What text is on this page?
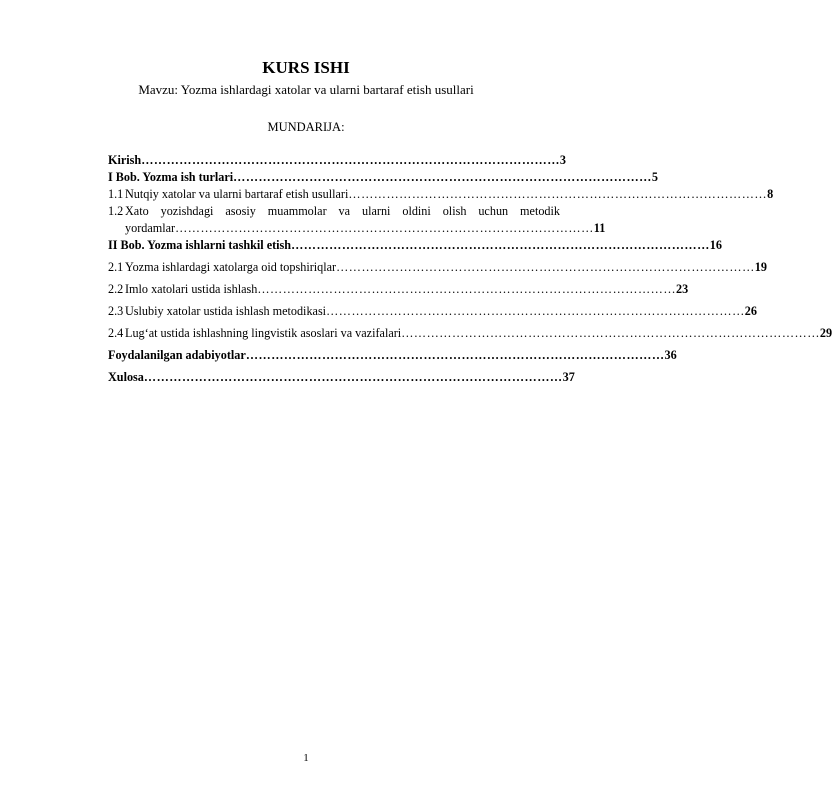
KURS ISHI
Mavzu: Yozma ishlardagi xatolar va ularni bartaraf etish usullari
MUNDARIJA:
Kirish ……………………………………………………………………………………… 3
I Bob. Yozma ish turlari ……………………………………………………………………………………… 5
1.1 Nutqiy xatolar va ularni bartaraf etish usullari ……………………………………………………………………………………… 8
1.2 Xato yozishdagi asosiy muammolar va ularni oldini olish uchun metodik
yordamlar ……………………………………………………………………………………… 11
II Bob. Yozma ishlarni tashkil etish ……………………………………………………………………………………… 16
2.1 Yozma ishlardagi xatolarga oid topshiriqlar ……………………………………………………………………………………… 19
2.2 Imlo xatolari ustida ishlash ……………………………………………………………………………………… 23
2.3 Uslubiy xatolar ustida ishlash metodikasi ……………………………………………………………………………………… 26
2.4 Lug‘at ustida ishlashning lingvistik asoslari va vazifalari ……………………………………………………………………………………… 29
Foydalanilgan adabiyotlar ……………………………………………………………………………………… 36
Xulosa ……………………………………………………………………………………… 37
1
